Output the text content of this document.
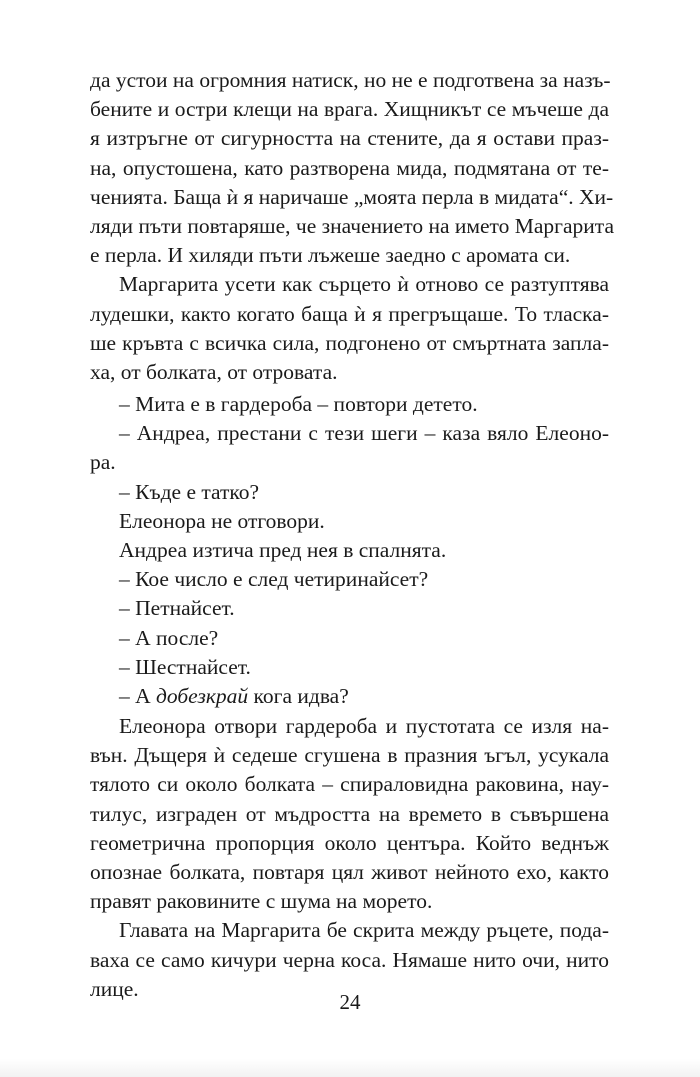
да устои на огромния натиск, но не е подготвена за назъ-
бените и остри клещи на врага. Хищникът се мъчеше да
я изтръгне от сигурността на стените, да я остави праз-
на, опустошена, като разтворена мида, подмятана от те-
ченията. Баща ѝ я наричаше „моята перла в мидата“. Хи-
ляди пъти повтаряше, че значението на името Маргарита
е перла. И хиляди пъти лъжеше заедно с аромата си.
Маргарита усети как сърцето ѝ отново се разтуптява
лудешки, както когато баща ѝ я прегръщаше. То тласка-
ше кръвта с всичка сила, подгонено от смъртната запла-
ха, от болката, от отровата.
– Мита е в гардероба – повтори детето.
– Андреа, престани с тези шеги – каза вяло Елеоно-
ра.
– Къде е татко?
Елеонора не отговори.
Андреа изтича пред нея в спалнята.
– Кое число е след четиринайсет?
– Петнайсет.
– А после?
– Шестнайсет.
– А добезкрай кога идва?
Елеонора отвори гардероба и пустотата се изля на-
вън. Дъщеря ѝ седеше сгушена в празния ъгъл, усукала
тялото си около болката – спираловидна раковина, нау-
тилус, изграден от мъдростта на времето в съвършена
геометрична пропорция около центъра. Който веднъж
опознае болката, повтаря цял живот нейното ехо, както
правят раковините с шума на морето.
Главата на Маргарита бе скрита между ръцете, пода-
ваха се само кичури черна коса. Нямаше нито очи, нито
лице.
24
